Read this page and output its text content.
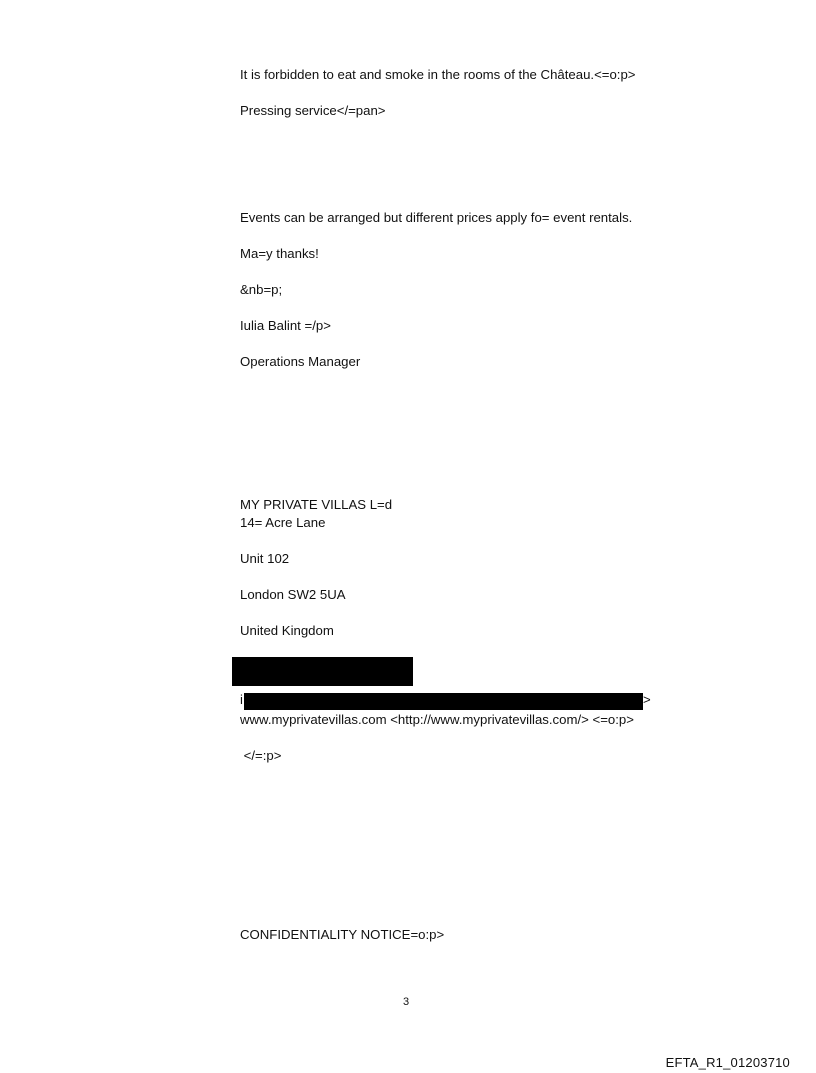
It is forbidden to eat and smoke in the rooms of the Château.<=o:p>
Pressing service</=pan>
Events can be arranged but different prices apply fo= event rentals.
Ma=y thanks!
&nb=p;
Iulia Balint =/p>
Operations Manager
MY PRIVATE VILLAS L=d
14= Acre Lane
Unit 102
London SW2 5UA
United Kingdom
i	>
www.myprivatevillas.com <http://www.myprivatevillas.com/> <=o:p>
</=:p>
CONFIDENTIALITY NOTICE=o:p>
3
EFTA_R1_01203710
